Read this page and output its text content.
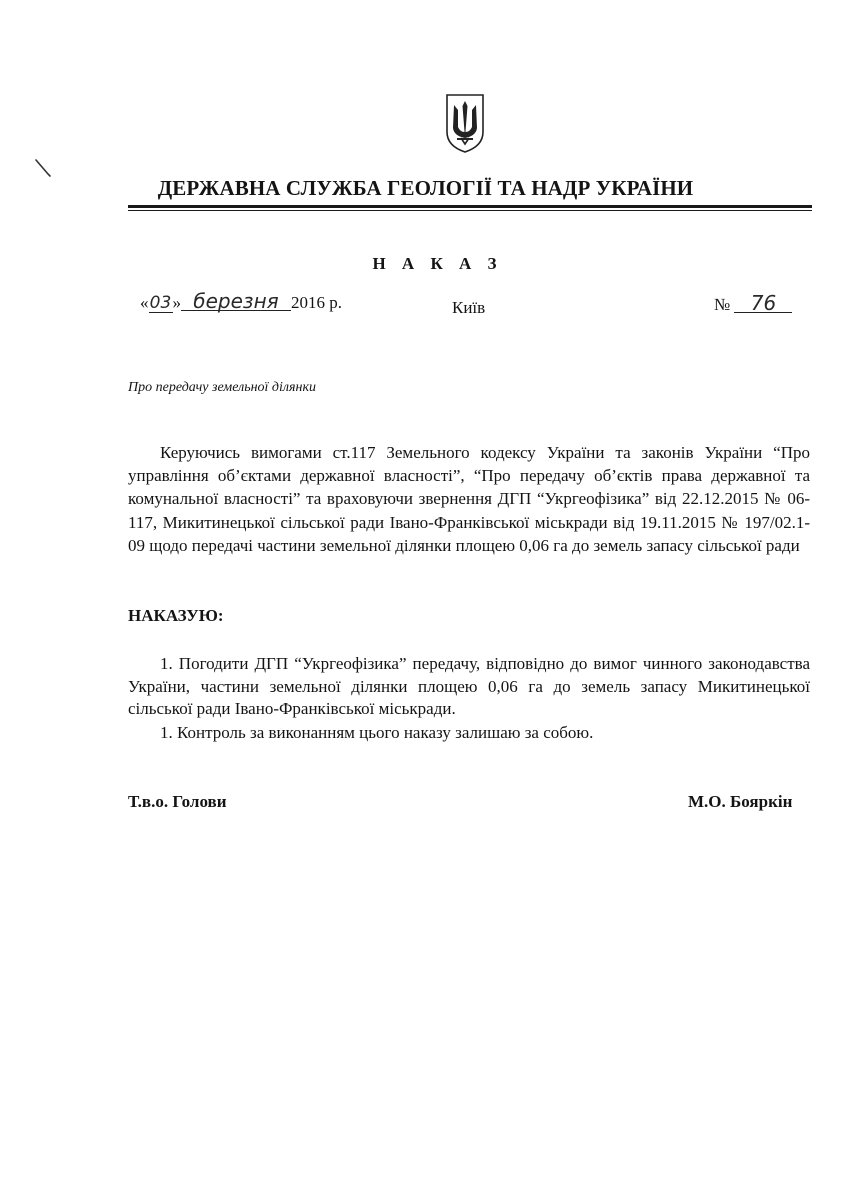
ДЕРЖАВНА СЛУЖБА ГЕОЛОГІЇ ТА НАДР УКРАЇНИ
Н А К А З
«03» березня 2016 р.	Київ	№ 76
Про передачу земельної ділянки
Керуючись вимогами ст.117 Земельного кодексу України та законів України “Про управління об’єктами державної власності”, “Про передачу об’єктів права державної та комунальної власності” та враховуючи звернення ДГП “Укргеофізика” від 22.12.2015 № 06-117, Микитинецької сільської ради Івано-Франківської міськради від 19.11.2015 № 197/02.1-09 щодо передачі частини земельної ділянки площею 0,06 га до земель запасу сільської ради
НАКАЗУЮ:
1. Погодити ДГП “Укргеофізика” передачу, відповідно до вимог чинного законодавства України, частини земельної ділянки площею 0,06 га до земель запасу Микитинецької сільської ради Івано-Франківської міськради.
1. Контроль за виконанням цього наказу залишаю за собою.
Т.в.о. Голови	М.О. Бояркін
